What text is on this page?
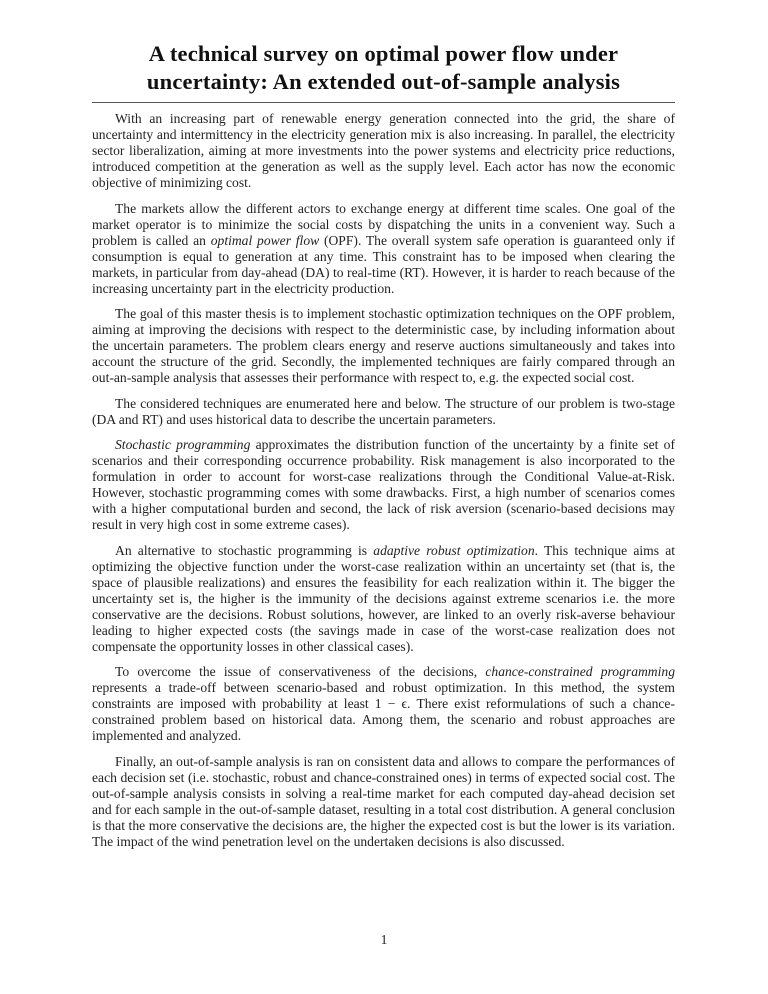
A technical survey on optimal power flow under
uncertainty: An extended out-of-sample analysis

With an increasing part of renewable energy generation connected into the grid, the share of uncertainty and intermittency in the electricity generation mix is also increasing. In parallel, the electricity sector liberalization, aiming at more investments into the power systems and electricity price reductions, introduced competition at the generation as well as the supply level. Each actor has now the economic objective of minimizing cost.

The markets allow the different actors to exchange energy at different time scales. One goal of the market operator is to minimize the social costs by dispatching the units in a convenient way. Such a problem is called an optimal power flow (OPF). The overall system safe operation is guaranteed only if consumption is equal to generation at any time. This constraint has to be imposed when clearing the markets, in particular from day-ahead (DA) to real-time (RT). However, it is harder to reach because of the increasing uncertainty part in the electricity production.

The goal of this master thesis is to implement stochastic optimization techniques on the OPF problem, aiming at improving the decisions with respect to the deterministic case, by including information about the uncertain parameters. The problem clears energy and reserve auctions simultaneously and takes into account the structure of the grid. Secondly, the implemented techniques are fairly compared through an out-an-sample analysis that assesses their performance with respect to, e.g. the expected social cost.

The considered techniques are enumerated here and below. The structure of our problem is two-stage (DA and RT) and uses historical data to describe the uncertain parameters.

Stochastic programming approximates the distribution function of the uncertainty by a finite set of scenarios and their corresponding occurrence probability. Risk management is also incorporated to the formulation in order to account for worst-case realizations through the Conditional Value-at-Risk. However, stochastic programming comes with some drawbacks. First, a high number of scenarios comes with a higher computational burden and second, the lack of risk aversion (scenario-based decisions may result in very high cost in some extreme cases).

An alternative to stochastic programming is adaptive robust optimization. This technique aims at optimizing the objective function under the worst-case realization within an uncertainty set (that is, the space of plausible realizations) and ensures the feasibility for each realization within it. The bigger the uncertainty set is, the higher is the immunity of the decisions against extreme scenarios i.e. the more conservative are the decisions. Robust solutions, however, are linked to an overly risk-averse behaviour leading to higher expected costs (the savings made in case of the worst-case realization does not compensate the opportunity losses in other classical cases).

To overcome the issue of conservativeness of the decisions, chance-constrained programming represents a trade-off between scenario-based and robust optimization. In this method, the system constraints are imposed with probability at least 1 − ϵ. There exist reformulations of such a chance-constrained problem based on historical data. Among them, the scenario and robust approaches are implemented and analyzed.

Finally, an out-of-sample analysis is ran on consistent data and allows to compare the performances of each decision set (i.e. stochastic, robust and chance-constrained ones) in terms of expected social cost. The out-of-sample analysis consists in solving a real-time market for each computed day-ahead decision set and for each sample in the out-of-sample dataset, resulting in a total cost distribution. A general conclusion is that the more conservative the decisions are, the higher the expected cost is but the lower is its variation. The impact of the wind penetration level on the undertaken decisions is also discussed.

1
